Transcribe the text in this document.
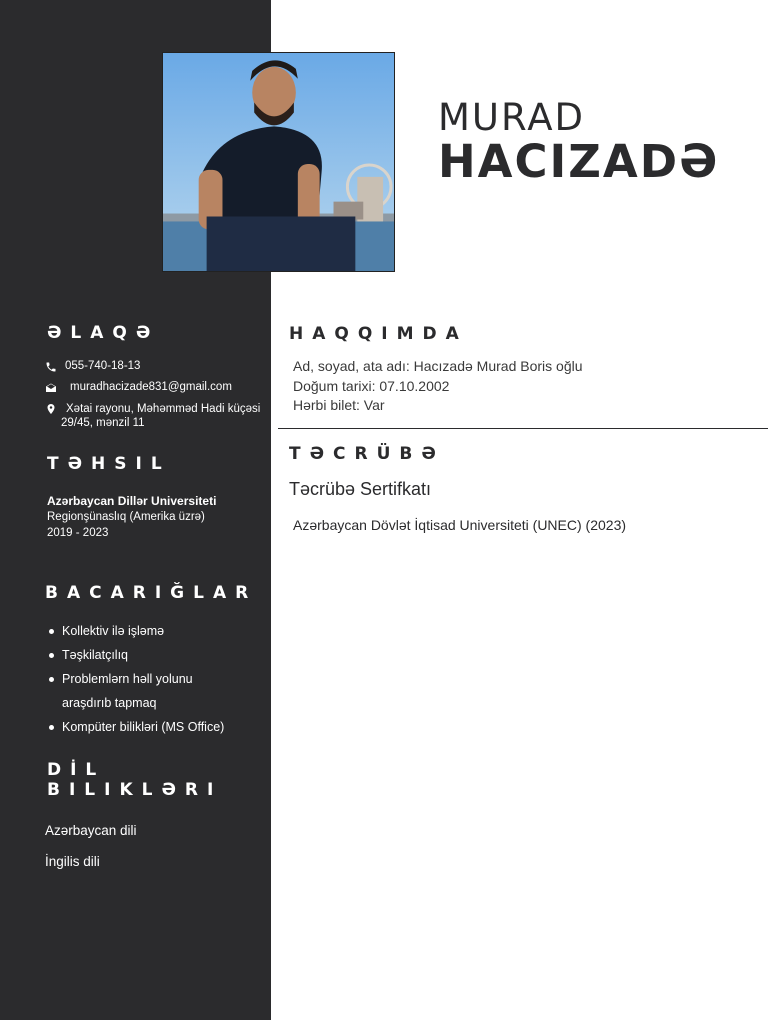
ƏLAQƏ
055-740-18-13
muradhacizade831@gmail.com
Xətai rayonu, Məhəmməd Hadi küçəsi
29/45, mənzil 11
TƏHSIL
Azərbaycan Dillər Universiteti
Regionşünaslıq (Amerika üzrə)
2019 - 2023
BACARIĞLAR
Kollektiv ilə işləmə
Təşkilatçılıq
Problemlərn həll yolunu
araşdırıb tapmaq
Kompüter bilikləri (MS Office)
DİL
BILIKLƏRI
Azərbaycan dili
İngilis dili
MURAD
HACIZADƏ
HAQQIMDA
Ad, soyad, ata adı: Hacızadə Murad Boris oğlu
Doğum tarixi: 07.10.2002
Hərbi bilet: Var
TƏCRÜBƏ
Təcrübə Sertifkatı
Azərbaycan Dövlət İqtisad Universiteti (UNEC) (2023)
